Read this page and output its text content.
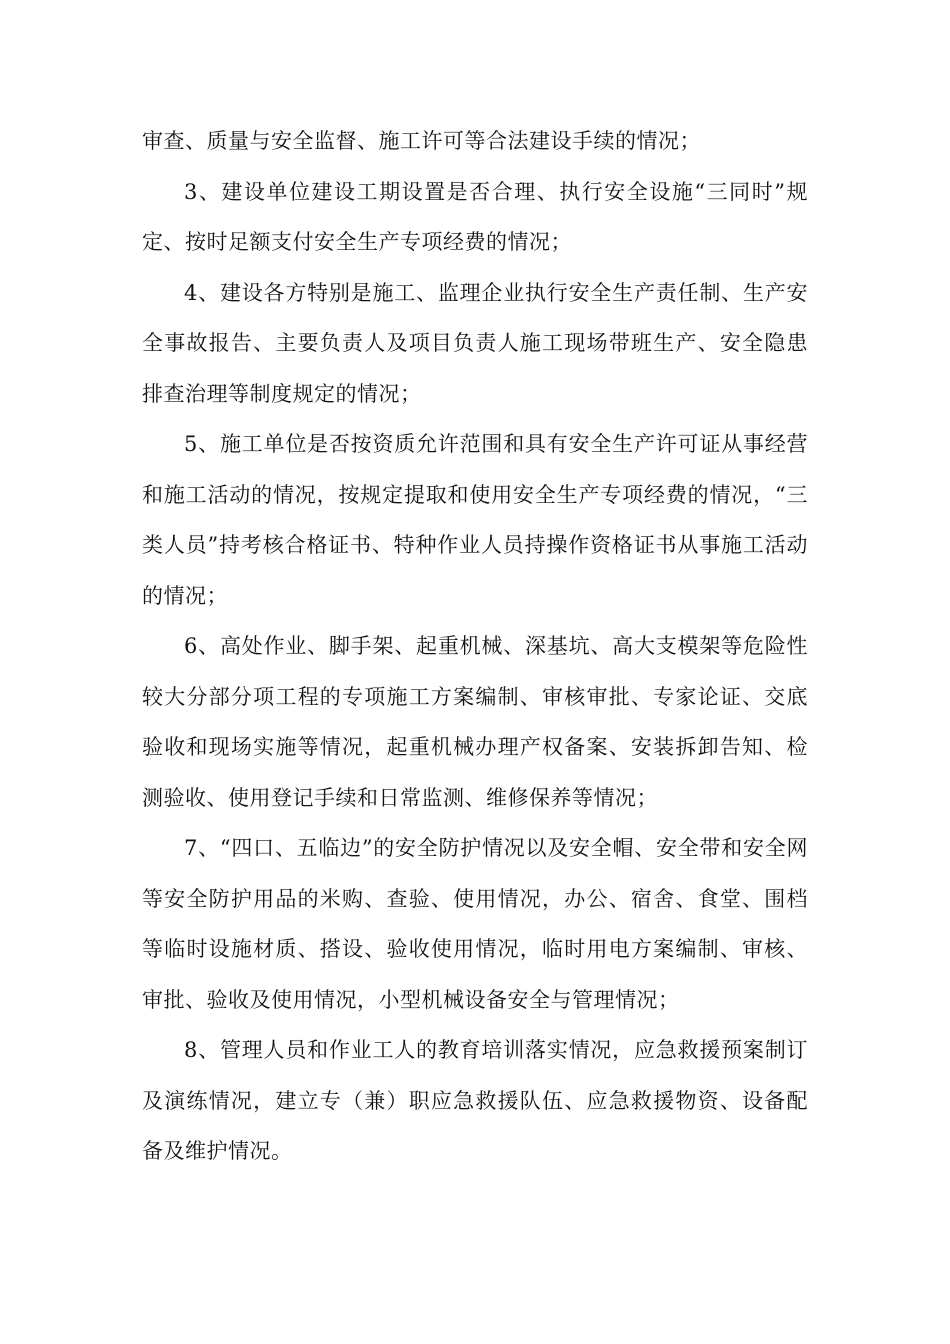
审查、质量与安全监督、施工许可等合法建设手续的情况；

3、建设单位建设工期设置是否合理、执行安全设施“三同时”规定、按时足额支付安全生产专项经费的情况；

4、建设各方特别是施工、监理企业执行安全生产责任制、生产安全事故报告、主要负责人及项目负责人施工现场带班生产、安全隐患排查治理等制度规定的情况；

5、施工单位是否按资质允许范围和具有安全生产许可证从事经营和施工活动的情况，按规定提取和使用安全生产专项经费的情况，“三类人员”持考核合格证书、特种作业人员持操作资格证书从事施工活动的情况；

6、高处作业、脚手架、起重机械、深基坑、高大支模架等危险性较大分部分项工程的专项施工方案编制、审核审批、专家论证、交底验收和现场实施等情况，起重机械办理产权备案、安装拆卸告知、检测验收、使用登记手续和日常监测、维修保养等情况；

7、“四口、五临边”的安全防护情况以及安全帽、安全带和安全网等安全防护用品的米购、查验、使用情况，办公、宿舍、食堂、围档等临时设施材质、搭设、验收使用情况，临时用电方案编制、审核、审批、验收及使用情况，小型机械设备安全与管理情况；

8、管理人员和作业工人的教育培训落实情况，应急救援预案制订及演练情况，建立专（兼）职应急救援队伍、应急救援物资、设备配备及维护情况。
